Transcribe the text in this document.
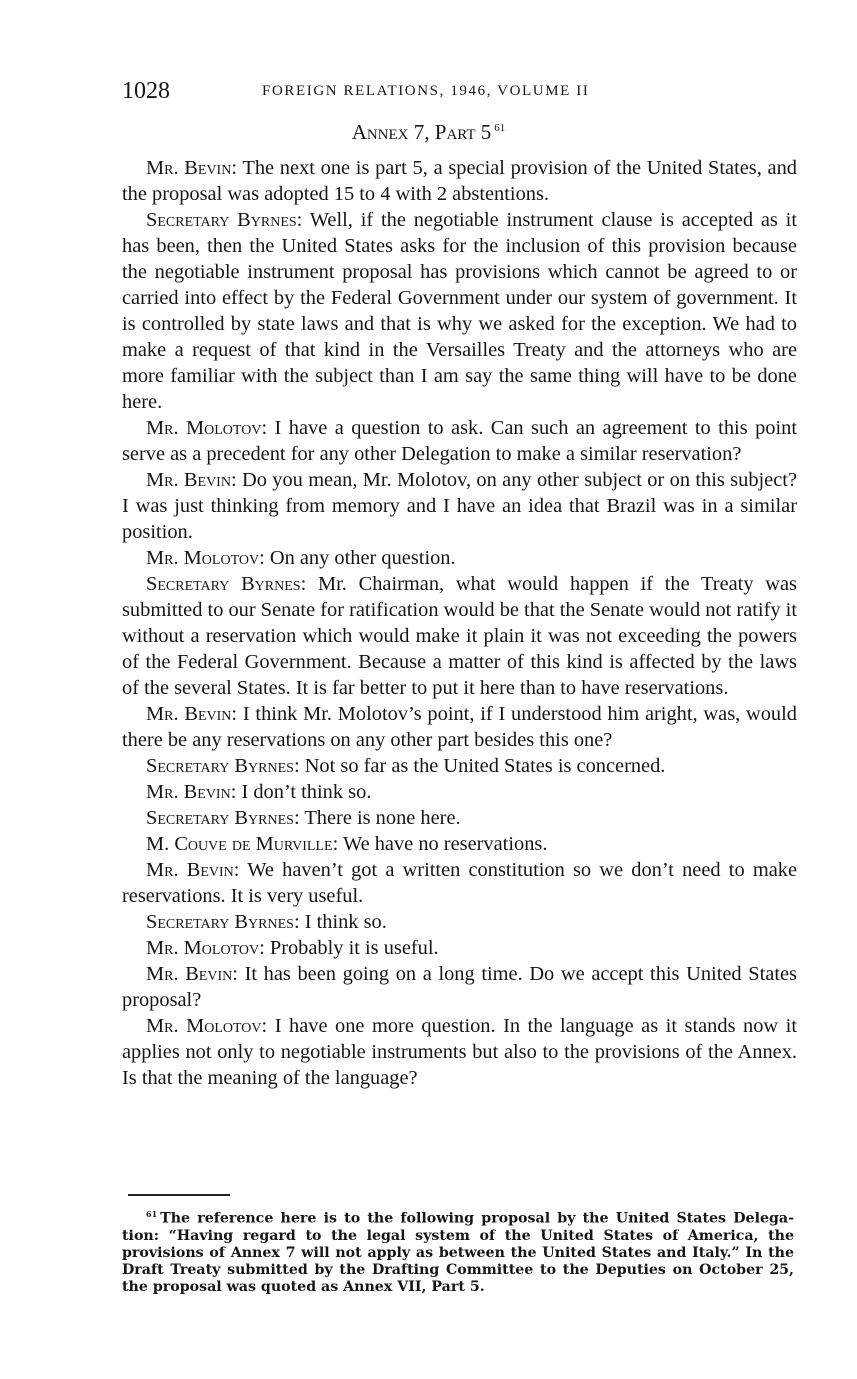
1028	FOREIGN RELATIONS, 1946, VOLUME II
Annex 7, Part 5 $^{61}$

Mr. Bevin: The next one is part 5, a special provision of the United States, and the proposal was adopted 15 to 4 with 2 abstentions.

Secretary Byrnes: Well, if the negotiable instrument clause is accepted as it has been, then the United States asks for the inclusion of this provision because the negotiable instrument proposal has provisions which cannot be agreed to or carried into effect by the Federal Government under our system of government. It is controlled by state laws and that is why we asked for the exception. We had to make a request of that kind in the Versailles Treaty and the attorneys who are more familiar with the subject than I am say the same thing will have to be done here.

Mr. Molotov: I have a question to ask. Can such an agreement to this point serve as a precedent for any other Delegation to make a similar reservation?

Mr. Bevin: Do you mean, Mr. Molotov, on any other subject or on this subject? I was just thinking from memory and I have an idea that Brazil was in a similar position.

Mr. Molotov: On any other question.

Secretary Byrnes: Mr. Chairman, what would happen if the Treaty was submitted to our Senate for ratification would be that the Senate would not ratify it without a reservation which would make it plain it was not exceeding the powers of the Federal Government. Because a matter of this kind is affected by the laws of the several States. It is far better to put it here than to have reservations.

Mr. Bevin: I think Mr. Molotov’s point, if I understood him aright, was, would there be any reservations on any other part besides this one?

Secretary Byrnes: Not so far as the United States is concerned.

Mr. Bevin: I don’t think so.

Secretary Byrnes: There is none here.

M. Couve de Murville: We have no reservations.

Mr. Bevin: We haven’t got a written constitution so we don’t need to make reservations. It is very useful.

Secretary Byrnes: I think so.

Mr. Molotov: Probably it is useful.

Mr. Bevin: It has been going on a long time. Do we accept this United States proposal?

Mr. Molotov: I have one more question. In the language as it stands now it applies not only to negotiable instruments but also to the provisions of the Annex. Is that the meaning of the language?

$^{61}$ The reference here is to the following proposal by the United States Delegation: “Having regard to the legal system of the United States of America, the provisions of Annex 7 will not apply as between the United States and Italy.” In the Draft Treaty submitted by the Drafting Committee to the Deputies on October 25, the proposal was quoted as Annex VII, Part 5.
